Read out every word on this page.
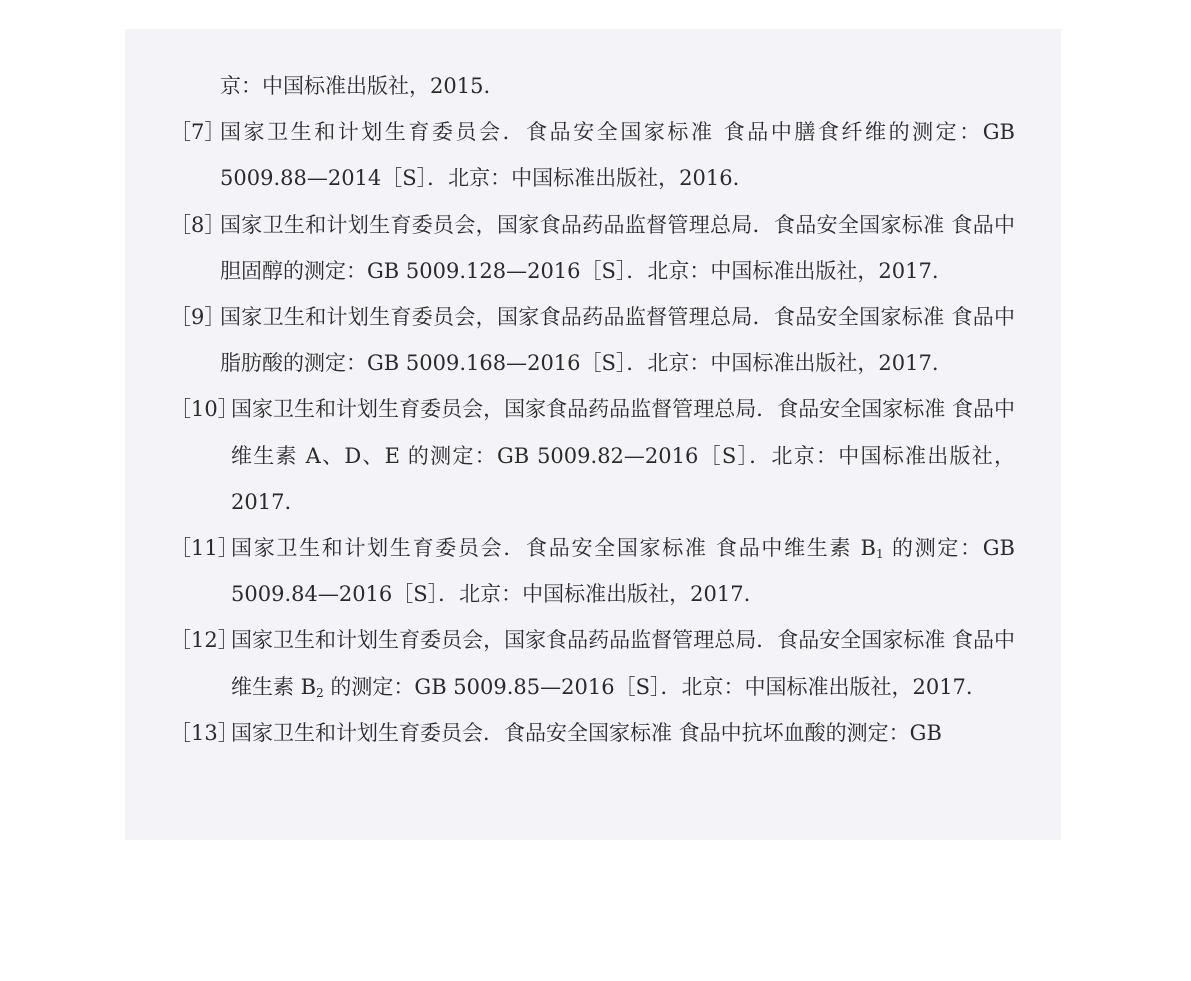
京：中国标准出版社，2015.
［7］
国家卫生和计划生育委员会．食品安全国家标准 食品中膳食纤维的测定：GB 5009.88—2014［S］．北京：中国标准出版社，2016.
［8］
国家卫生和计划生育委员会，国家食品药品监督管理总局．食品安全国家标准 食品中胆固醇的测定：GB 5009.128—2016［S］．北京：中国标准出版社，2017.
［9］
国家卫生和计划生育委员会，国家食品药品监督管理总局．食品安全国家标准 食品中脂肪酸的测定：GB 5009.168—2016［S］．北京：中国标准出版社，2017.
［10］
国家卫生和计划生育委员会，国家食品药品监督管理总局．食品安全国家标准 食品中维生素 A、D、E 的测定：GB 5009.82—2016［S］．北京：中国标准出版社，2017.
［11］
国家卫生和计划生育委员会．食品安全国家标准 食品中维生素 $B_1$ 的测定：GB 5009.84—2016［S］．北京：中国标准出版社，2017.
［12］
国家卫生和计划生育委员会，国家食品药品监督管理总局．食品安全国家标准 食品中维生素 $B_2$ 的测定：GB 5009.85—2016［S］．北京：中国标准出版社，2017.
［13］
国家卫生和计划生育委员会．食品安全国家标准 食品中抗坏血酸的测定：GB
